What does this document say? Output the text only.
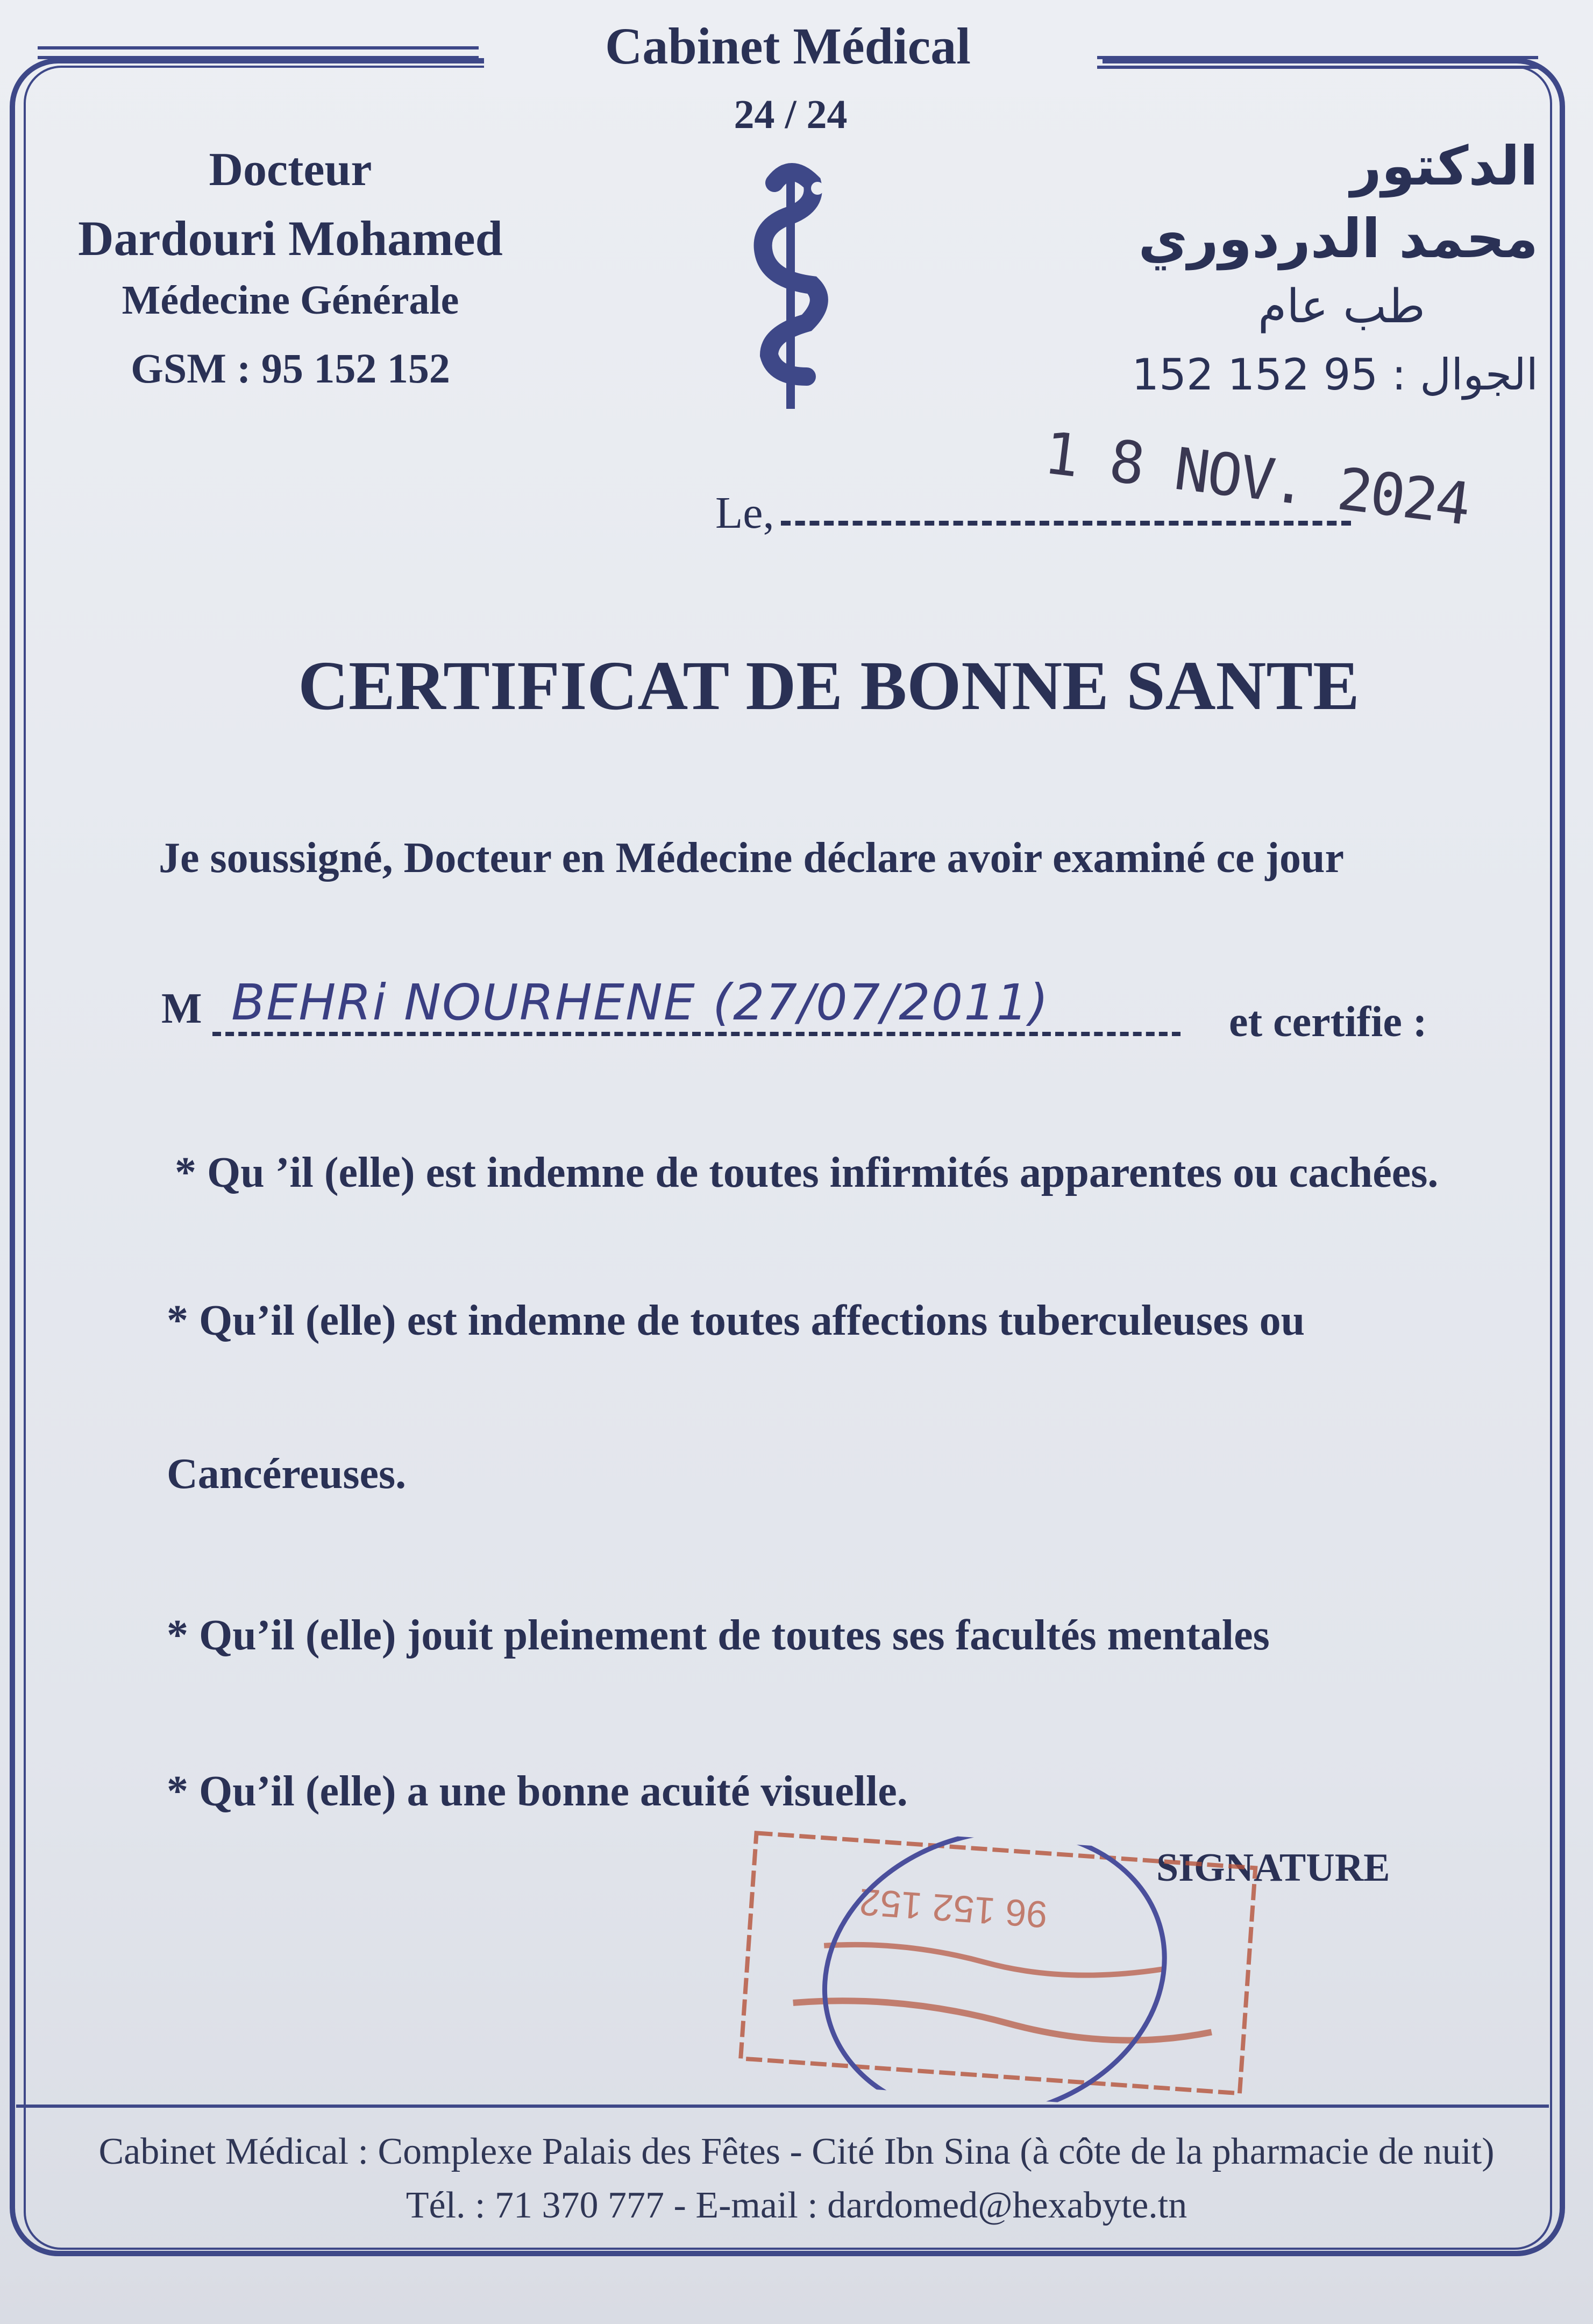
Cabinet Médical
24 / 24
Docteur
Dardouri Mohamed
Médecine Générale
GSM : 95 152 152
الدكتور
محمد الدردوري
طب عام
الجوال : 95 152 152
1 8 NOV. 2024
Le,
CERTIFICAT DE BONNE SANTE
Je soussigné, Docteur en Médecine déclare avoir examiné ce jour
M BEHRi NOURHENE (27/07/2011)	et certifie :
* Qu ’il (elle) est indemne de toutes infirmités apparentes ou cachées.
* Qu’il (elle) est indemne de toutes affections tuberculeuses ou
Cancéreuses.
* Qu’il (elle) jouit pleinement de toutes ses facultés mentales
* Qu’il (elle) a une bonne acuité visuelle.
SIGNATURE
96 152 152
Cabinet Médical : Complexe Palais des Fêtes - Cité Ibn Sina (à côte de la pharmacie de nuit)
Tél. : 71 370 777 - E-mail : dardomed@hexabyte.tn
